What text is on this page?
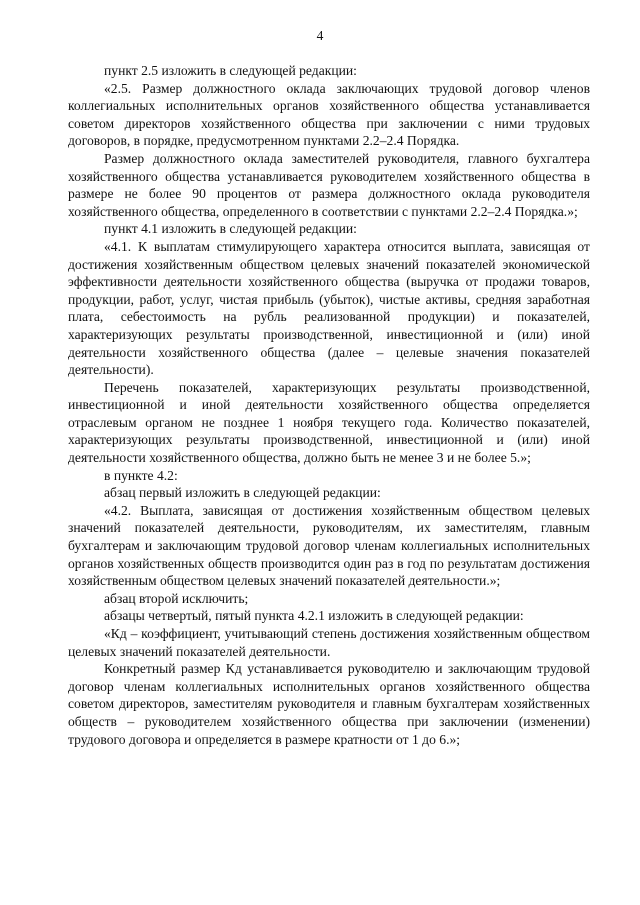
4

пункт 2.5 изложить в следующей редакции:

«2.5. Размер должностного оклада заключающих трудовой договор членов коллегиальных исполнительных органов хозяйственного общества устанавливается советом директоров хозяйственного общества при заключении с ними трудовых договоров, в порядке, предусмотренном пунктами 2.2–2.4 Порядка.

Размер должностного оклада заместителей руководителя, главного бухгалтера хозяйственного общества устанавливается руководителем хозяйственного общества в размере не более 90 процентов от размера должностного оклада руководителя хозяйственного общества, определенного в соответствии с пунктами 2.2–2.4 Порядка.»;

пункт 4.1 изложить в следующей редакции:

«4.1. К выплатам стимулирующего характера относится выплата, зависящая от достижения хозяйственным обществом целевых значений показателей экономической эффективности деятельности хозяйственного общества (выручка от продажи товаров, продукции, работ, услуг, чистая прибыль (убыток), чистые активы, средняя заработная плата, себестоимость на рубль реализованной продукции) и показателей, характеризующих результаты производственной, инвестиционной и (или) иной деятельности хозяйственного общества (далее – целевые значения показателей деятельности).

Перечень показателей, характеризующих результаты производственной, инвестиционной и иной деятельности хозяйственного общества определяется отраслевым органом не позднее 1 ноября текущего года. Количество показателей, характеризующих результаты производственной, инвестиционной и (или) иной деятельности хозяйственного общества, должно быть не менее 3 и не более 5.»;

в пункте 4.2:

абзац первый изложить в следующей редакции:

«4.2. Выплата, зависящая от достижения хозяйственным обществом целевых значений показателей деятельности, руководителям, их заместителям, главным бухгалтерам и заключающим трудовой договор членам коллегиальных исполнительных органов хозяйственных обществ производится один раз в год по результатам достижения хозяйственным обществом целевых значений показателей деятельности.»;

абзац второй исключить;

абзацы четвертый, пятый пункта 4.2.1 изложить в следующей редакции:

«Кд – коэффициент, учитывающий степень достижения хозяйственным обществом целевых значений показателей деятельности.

Конкретный размер Кд устанавливается руководителю и заключающим трудовой договор членам коллегиальных исполнительных органов хозяйственного общества советом директоров, заместителям руководителя и главным бухгалтерам хозяйственных обществ – руководителем хозяйственного общества при заключении (изменении) трудового договора и определяется в размере кратности от 1 до 6.»;
